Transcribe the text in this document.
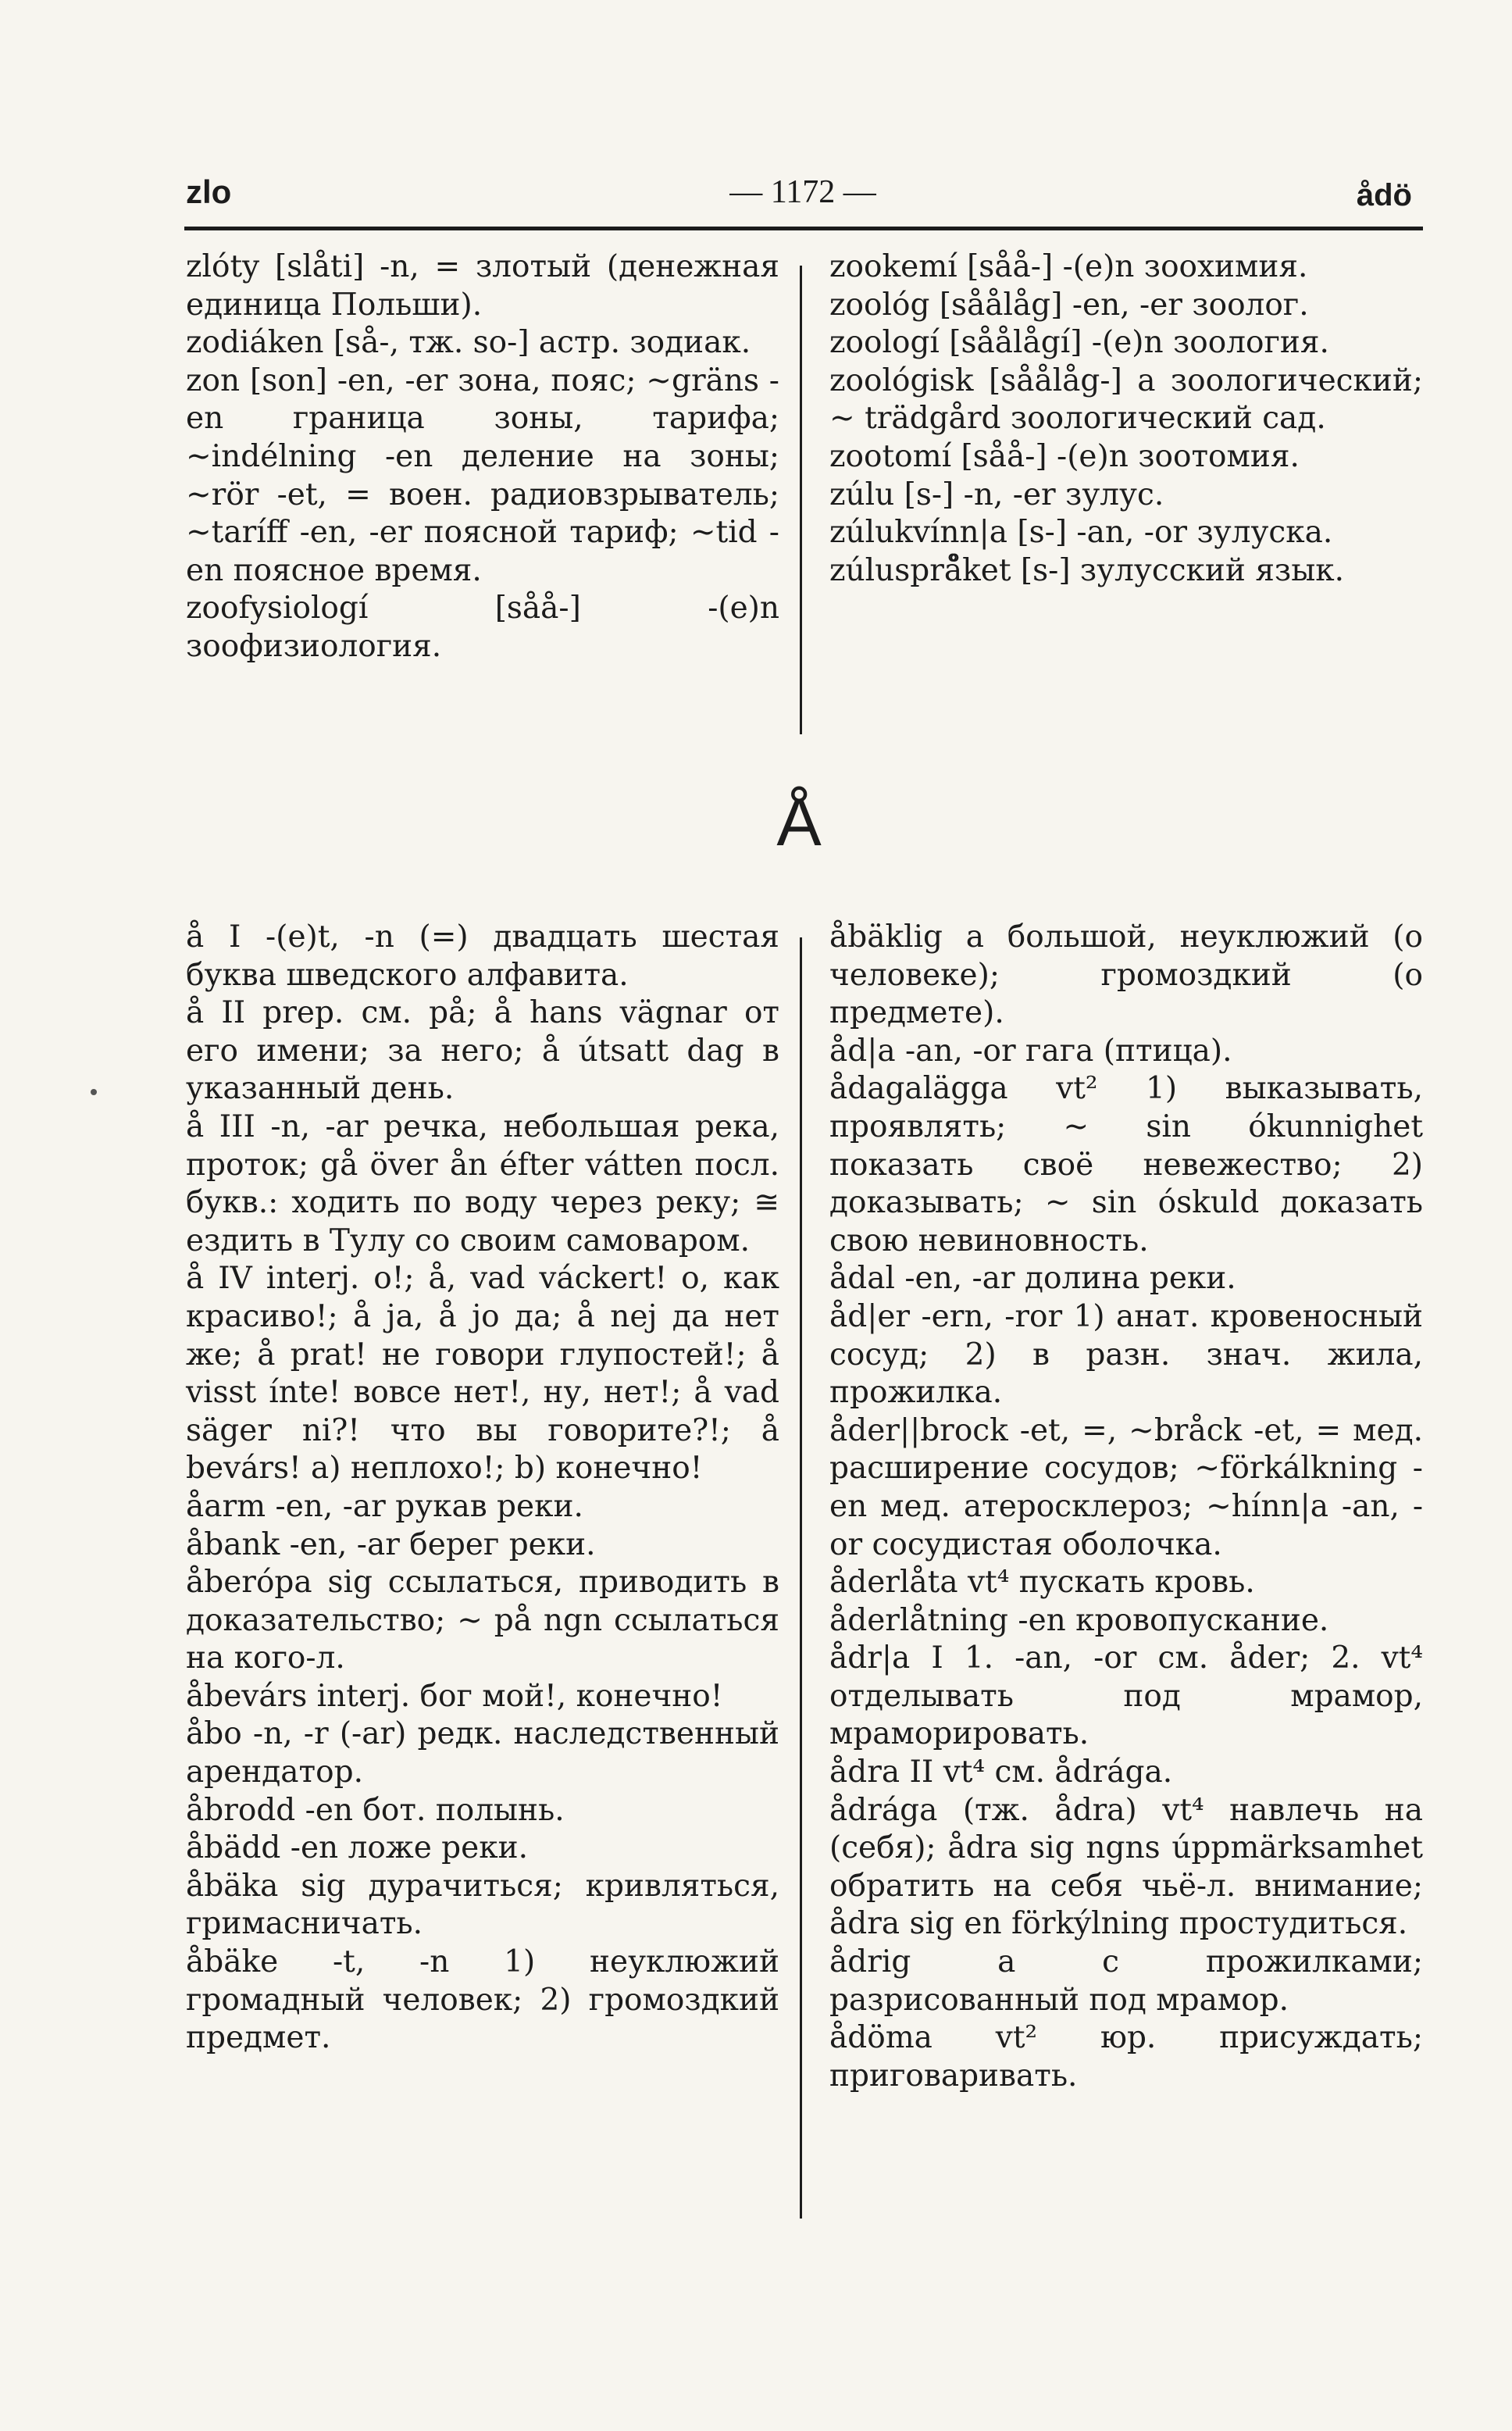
zlo	— 1172 —	ådö
Å

zlóty [slåti] -n, = злотый (денежная единица Польши).

zodiáken [så-, тж. so-] астр. зодиак.

zon [son] -en, -er зона, пояс; ~gräns -en граница зоны, тарифа; ~indélning -en деление на зоны; ~rör -et, = воен. радиовзрыватель; ~taríff -en, -er поясной тариф; ~tid -en поясное время.

zoofysiologí [såå-] -(e)n зоофизиология.

zookemí [såå-] -(e)n зоохимия.

zoológ [såålåg] -en, -er зоолог.

zoologí [såålågí] -(e)n зоология.

zoológisk [såålåg-] a зоологический; ~ trädgård зоологический сад.

zootomí [såå-] -(e)n зоотомия.

zúlu [s-] -n, -er зулус.

zúlukvínn|a [s-] -an, -or зулуска.

zúlusprå̊ket [s-] зулусский язык.

å I -(e)t, -n (=) двадцать шестая буква шведского алфавита.

å II prep. см. på; å hans vägnar от его имени; за него; å útsatt dag в указанный день.

å III -n, -ar речка, небольшая река, проток; gå över ån éfter vátten посл. букв.: ходить по воду через реку; ≅ ездить в Тулу со своим самоваром.

å IV interj. o!; å, vad váckert! o, как красиво!; å ja, å jo да; å nej да нет же; å prat! не говори глупостей!; å visst ínte! вовсе нет!, ну, нет!; å vad säger ni?! что вы говорите?!; å bevárs! a) неплохо!; b) конечно!

åarm -en, -ar рукав реки.

åbank -en, -ar берег реки.

åberópa sig ссылаться, приводить в доказательство; ~ på ngn ссылаться на кого-л.

åbevárs interj. бог мой!, конечно!

åbo -n, -r (-ar) редк. наследственный арендатор.

åbrodd -en бот. полынь.

åbädd -en ложе реки.

åbäka sig дурачиться; кривляться, гримасничать.

åbäke -t, -n 1) неуклюжий громадный человек; 2) громоздкий предмет.

åbäklig a большой, неуклюжий (о человеке); громоздкий (о предмете).

åd|a -an, -or гага (птица).

ådagalägga vt² 1) выказывать, проявлять; ~ sin ókunnighet показать своё невежество; 2) доказывать; ~ sin óskuld доказать свою невиновность.

ådal -en, -ar долина реки.

åd|er -ern, -ror 1) анат. кровеносный сосуд; 2) в разн. знач. жила, прожилка.

åder||brock -et, =, ~bråck -et, = мед. расширение сосудов; ~förkálkning -en мед. атеросклероз; ~hínn|a -an, -or сосудистая оболочка.

åderlåta vt⁴ пускать кровь.

åderlåtning -en кровопускание.

ådr|a I 1. -an, -or см. åder; 2. vt⁴ отделывать под мрамор, мраморировать.

ådra II vt⁴ см. ådrága.

ådrága (тж. ådra) vt⁴ навлечь на (себя); ådra sig ngns úppmärksamhet обратить на себя чьё-л. внимание; ådra sig en förkýlning простудиться.

ådrig a с прожилками; разрисованный под мрамор.

ådöma vt² юр. присуждать; приговаривать.
